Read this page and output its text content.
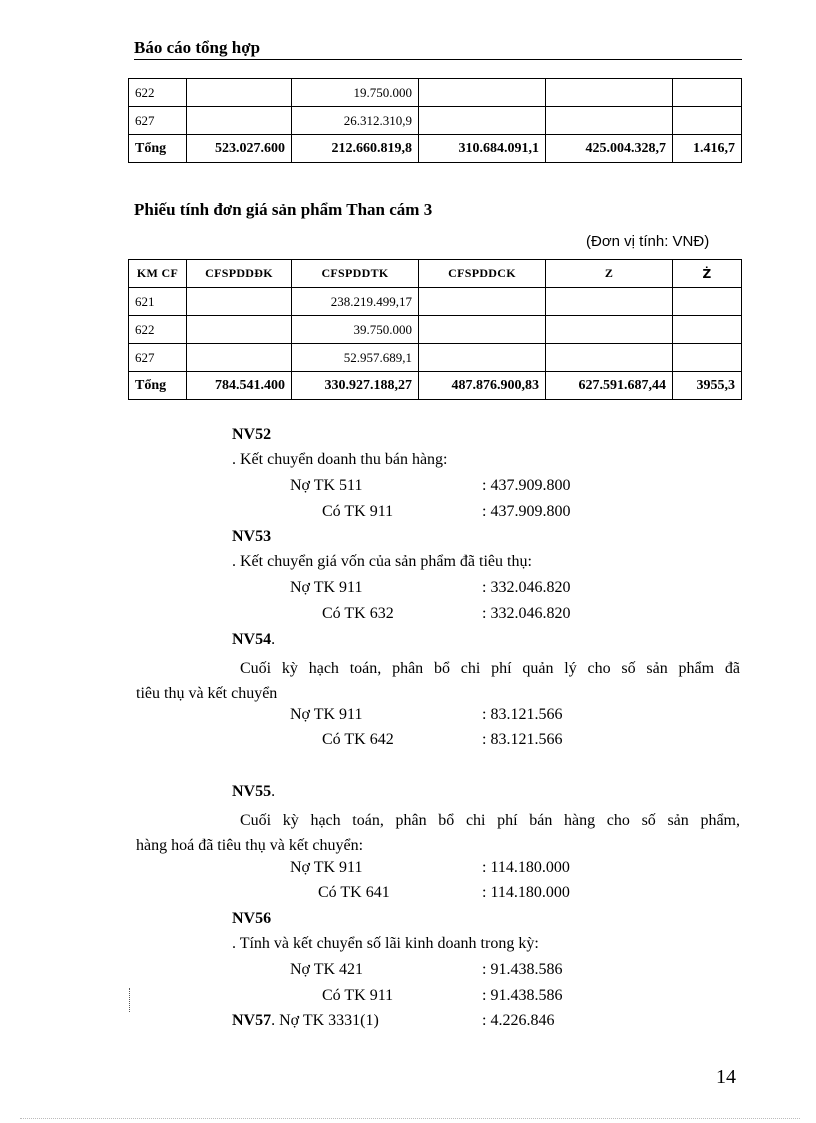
Báo cáo tổng hợp
622		19.750.000			
627		26.312.310,9			
Tổng	523.027.600	212.660.819,8	310.684.091,1	425.004.328,7	1.416,7
Phiếu tính đơn giá sản phẩm Than cám 3
(Đơn vị tính: VNĐ)
KM CF	CFSPDDĐK	CFSPDDTK	CFSPDDCK	Z	Ż
621		238.219.499,17			
622		39.750.000			
627		52.957.689,1			
Tổng	784.541.400	330.927.188,27	487.876.900,83	627.591.687,44	3955,3
NV52
. Kết chuyển doanh thu bán hàng:
Nợ TK 511	: 437.909.800
Có TK 911	: 437.909.800
NV53
. Kết chuyển giá vốn của sản phẩm đã tiêu thụ:
Nợ TK 911	: 332.046.820
Có TK 632	: 332.046.820
NV54.
Cuối kỳ hạch toán, phân bổ chi phí quản lý cho số sản phẩm đã
tiêu thụ và kết chuyển
Nợ TK 911	: 83.121.566
Có TK 642	: 83.121.566
NV55.
Cuối kỳ hạch toán, phân bổ chi phí bán hàng cho số sản phẩm,
hàng hoá đã tiêu thụ và kết chuyển:
Nợ TK 911	: 114.180.000
Có TK 641	: 114.180.000
NV56
. Tính và kết chuyển số lãi kinh doanh trong kỳ:
Nợ TK 421	: 91.438.586
Có TK 911	: 91.438.586
NV57. Nợ TK 3331(1)	: 4.226.846
14
